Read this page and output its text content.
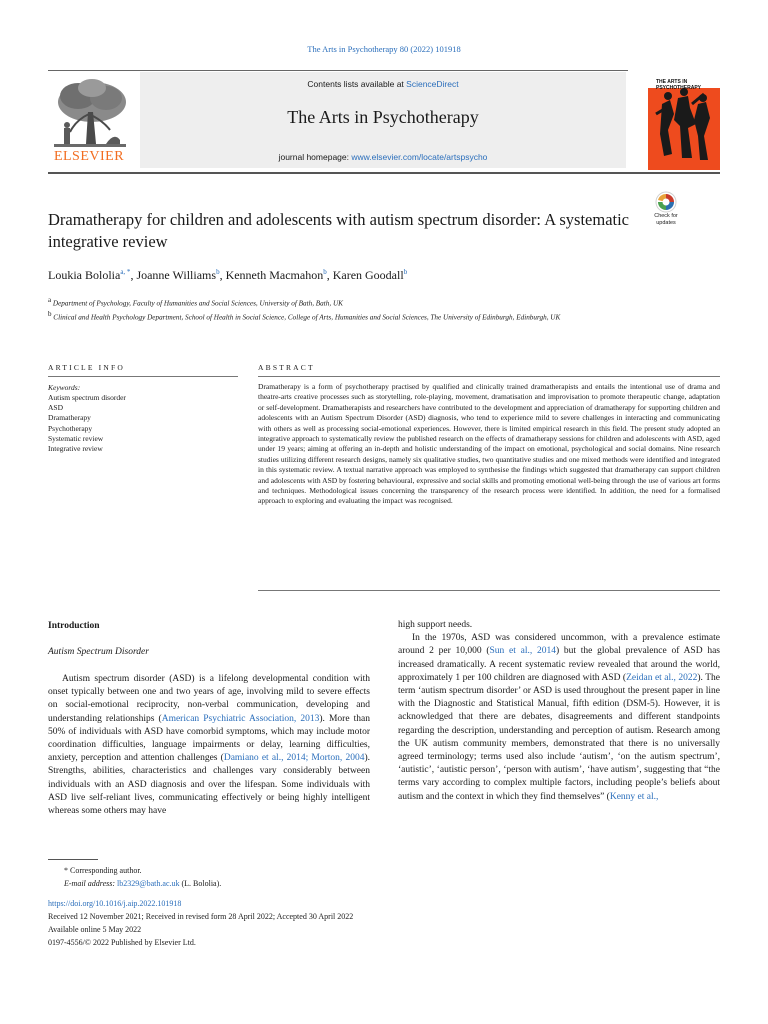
The Arts in Psychotherapy 80 (2022) 101918
Contents lists available at ScienceDirect
The Arts in Psychotherapy
journal homepage: www.elsevier.com/locate/artspsycho
ELSEVIER
THE ARTS IN PSYCHOTHERAPY
Check for updates
Dramatherapy for children and adolescents with autism spectrum disorder: A systematic integrative review
Loukia Bololia$^{a, *}$, Joanne Williams$^b$, Kenneth Macmahon$^b$, Karen Goodall$^b$
$^a$ Department of Psychology, Faculty of Humanities and Social Sciences, University of Bath, Bath, UK
$^b$ Clinical and Health Psychology Department, School of Health in Social Science, College of Arts, Humanities and Social Sciences, The University of Edinburgh, Edinburgh, UK
ARTICLE INFO	ABSTRACT
Keywords:
Autism spectrum disorder
ASD
Dramatherapy
Psychotherapy
Systematic review
Integrative review

Dramatherapy is a form of psychotherapy practised by qualified and clinically trained dramatherapists and entails the intentional use of drama and theatre-arts creative processes such as storytelling, role-playing, movement, dramatisation and improvisation to promote therapeutic change, adaptation or self-development. Dramatherapists and researchers have contributed to the development and appreciation of dramatherapy for supporting children and adolescents with an Autism Spectrum Disorder (ASD) diagnosis, who tend to experience mild to severe challenges in interacting and communicating with others as well as processing social-emotional experiences. However, there is limited empirical research in this field. The present study adopted an integrative approach to systematically review the published research on the effects of dramatherapy sessions for children and adolescents with ASD, aged under 19 years; aiming at offering an in-depth and holistic understanding of the impact on emotional, psychological and social domains. Nine research studies utilizing different research designs, namely six qualitative studies, two quantitative studies and one mixed methods were identified and integrated in this systematic review. A textual narrative approach was employed to synthesise the findings which suggested that dramatherapy can support children and adolescents with ASD by fostering behavioural, expressive and social skills and promoting emotional well-being through the use of various art forms and techniques. Methodological issues concerning the transparency of the research process were identified. In addition, the need for a formalised approach to exploring and evaluating the impact was recognised.

Introduction
Autism Spectrum Disorder

Autism spectrum disorder (ASD) is a lifelong developmental condition with onset typically between one and two years of age, involving mild to severe effects on social-emotional reciprocity, non-verbal communication, developing and understanding relationships (American Psychiatric Association, 2013). More than 50% of individuals with ASD have comorbid symptoms, which may include motor coordination difficulties, language impairments or delay, learning difficulties, anxiety, perception and attention challenges (Damiano et al., 2014; Morton, 2004). Strengths, abilities, characteristics and challenges vary considerably between individuals with an ASD diagnosis and over the lifespan. Some individuals with ASD live self-reliant lives, communicating effectively or being highly intelligent whereas some others may have

high support needs.

In the 1970s, ASD was considered uncommon, with a prevalence estimate around 2 per 10,000 (Sun et al., 2014) but the global prevalence of ASD has increased dramatically. A recent systematic review revealed that around the world, approximately 1 per 100 children are diagnosed with ASD (Zeidan et al., 2022). The term ‘autism spectrum disorder’ or ASD is used throughout the present paper in line with the Diagnostic and Statistical Manual, fifth edition (DSM-5). However, it is acknowledged that there are debates, disagreements and different standpoints regarding the description, understanding and perception of autism. Research among the UK autism community members, demonstrated that there is no universally agreed terminology; terms used also include ‘autism’, ‘on the autism spectrum’, ‘autistic’, ‘autistic person’, ‘person with autism’, ‘have autism’, suggesting that “the terms vary according to complex multiple factors, including people’s beliefs about autism and the context in which they find themselves” (Kenny et al.,

* Corresponding author.
E-mail address: lb2329@bath.ac.uk (L. Bololia).
https://doi.org/10.1016/j.aip.2022.101918
Received 12 November 2021; Received in revised form 28 April 2022; Accepted 30 April 2022
Available online 5 May 2022
0197-4556/© 2022 Published by Elsevier Ltd.
